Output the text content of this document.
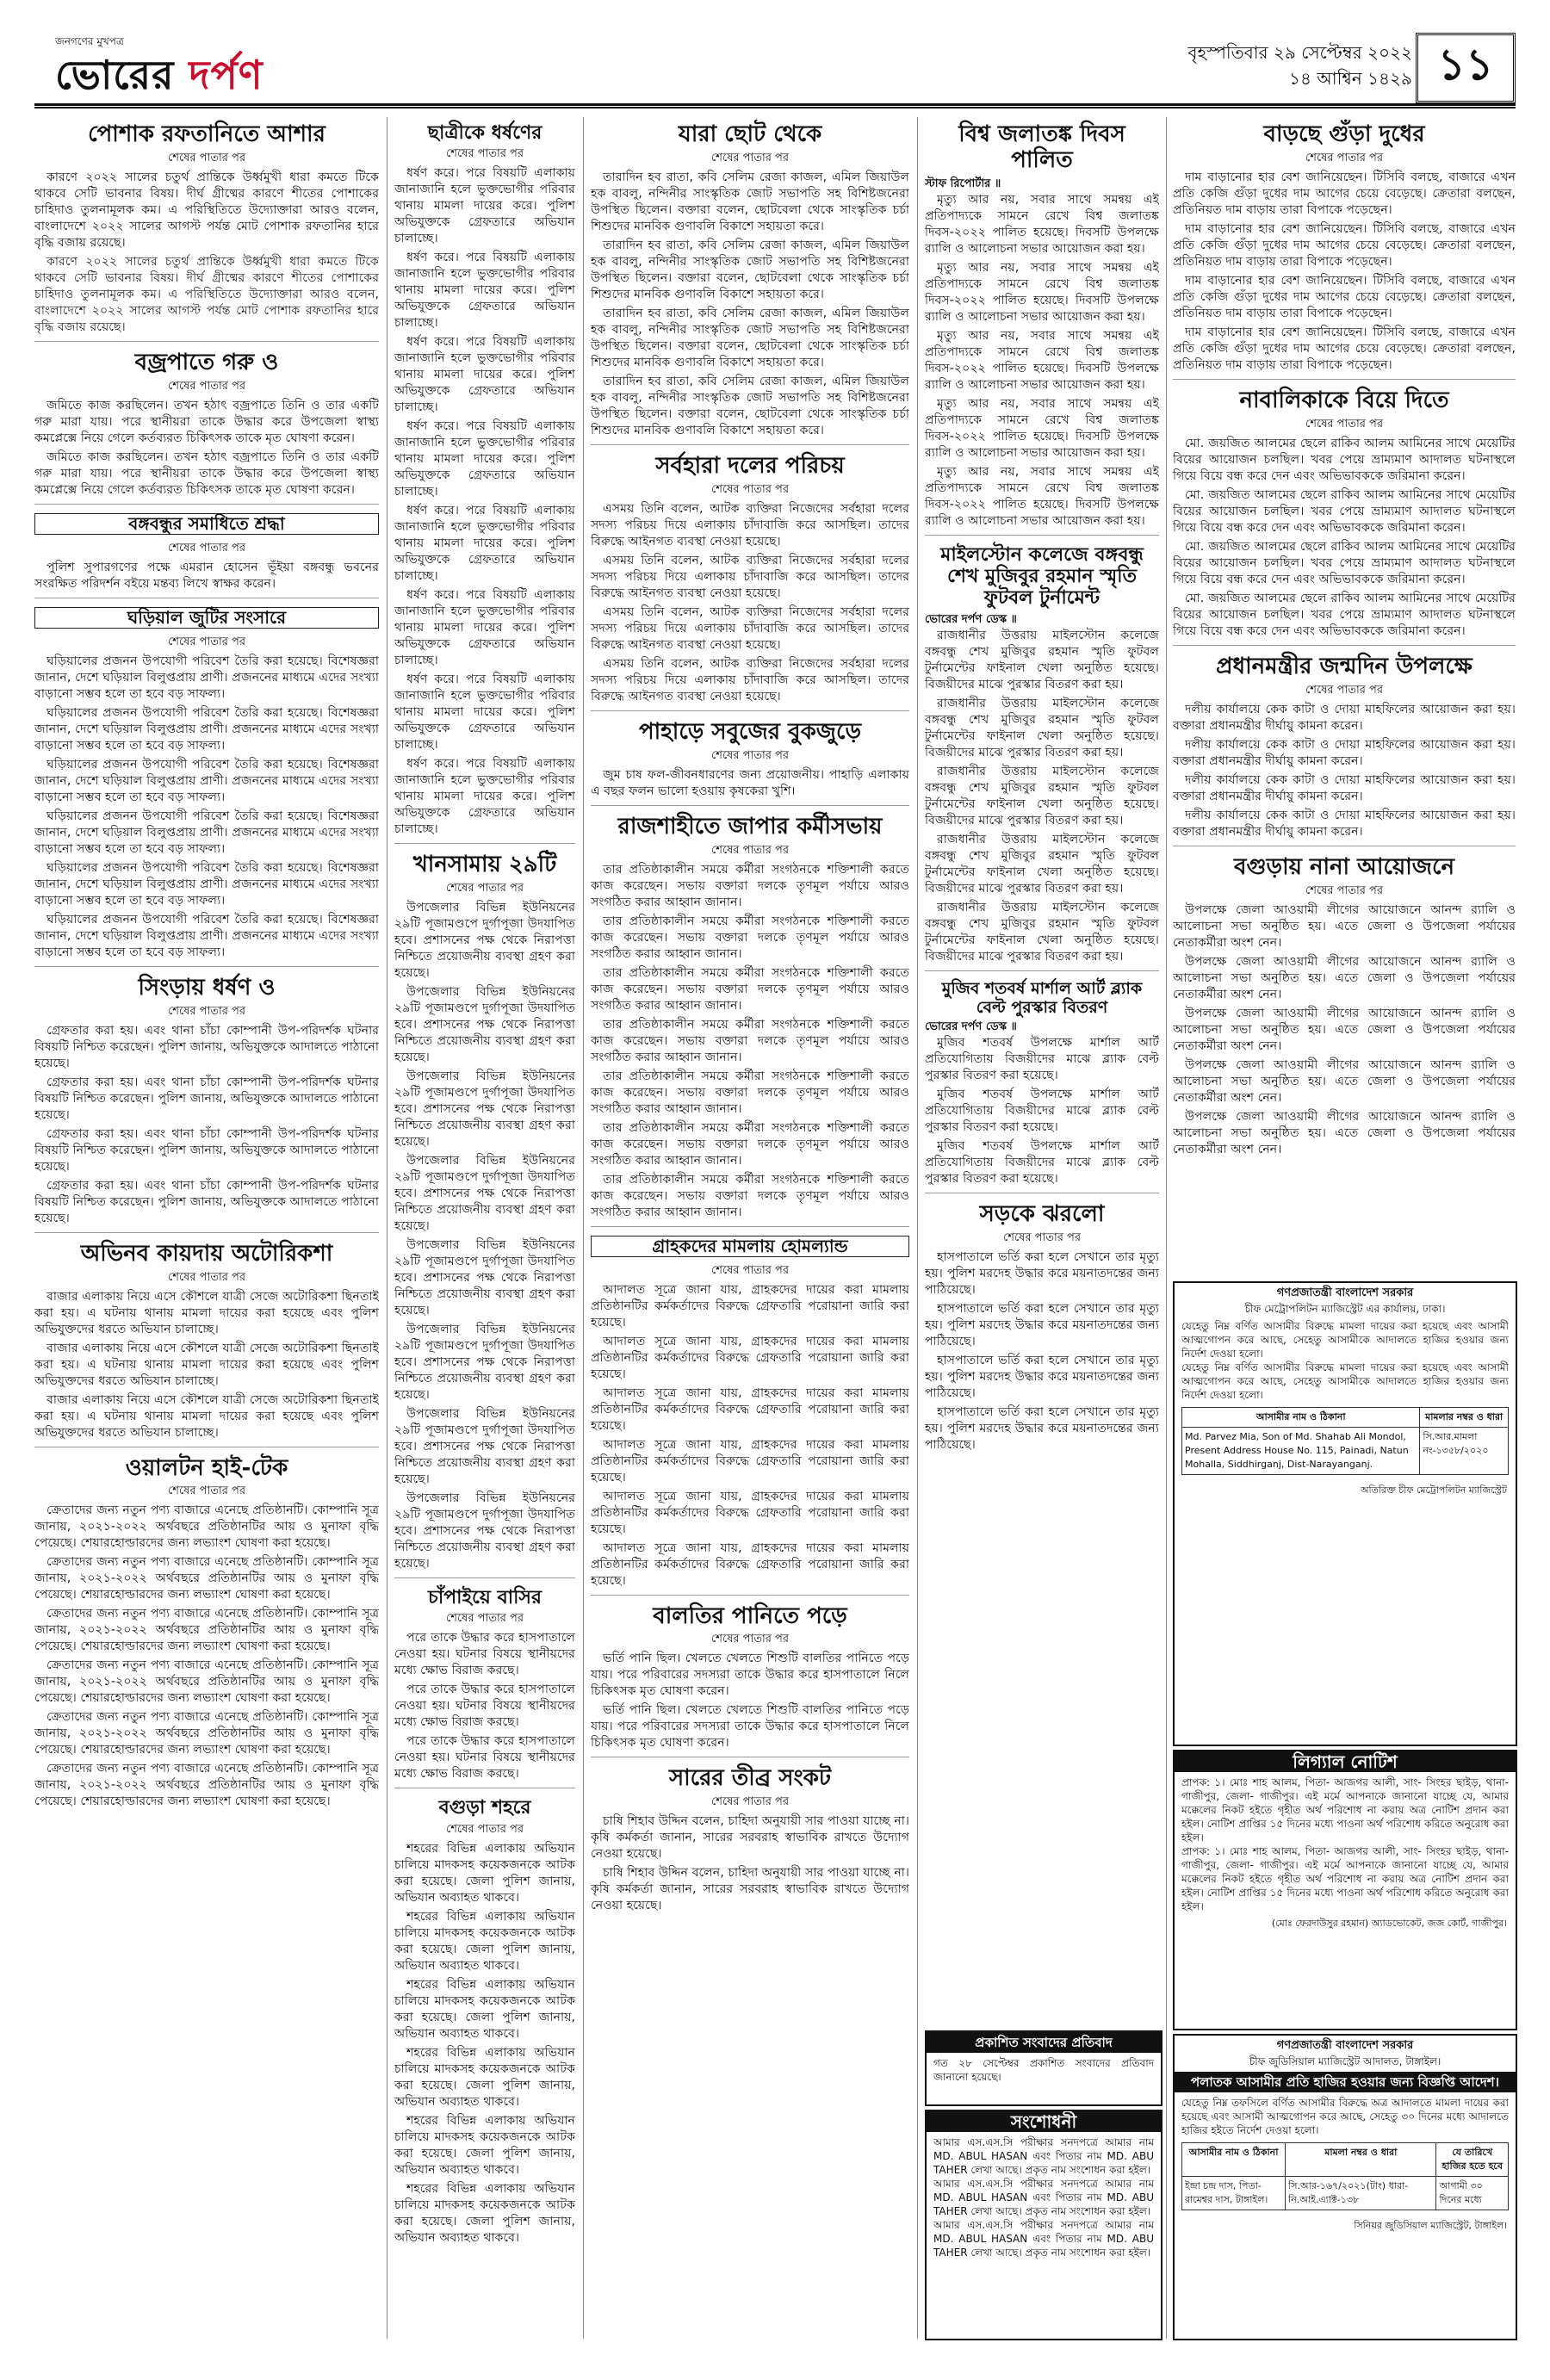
জনগণের মুখপত্র
ভোরের দর্পণ	বৃহস্পতিবার ২৯ সেপ্টেম্বর ২০২২
১৪ আশ্বিন ১৪২৯ ১১
পোশাক রফতানিতে আশার
শেষের পাতার পর

কারণে ২০২২ সালের চতুর্থ প্রান্তিকে উর্ধ্বমুখী ধারা কমতে টিকে থাকবে সেটি ভাবনার বিষয়। দীর্ঘ গ্রীষ্মের কারণে শীতের পোশাকের চাহিদাও তুলনামূলক কম। এ পরিস্থিতিতে উদ্যোক্তারা আরও বলেন, বাংলাদেশে ২০২২ সালের আগস্ট পর্যন্ত মোট পোশাক রফতানির হারে বৃদ্ধি বজায় রয়েছে।

কারণে ২০২২ সালের চতুর্থ প্রান্তিকে উর্ধ্বমুখী ধারা কমতে টিকে থাকবে সেটি ভাবনার বিষয়। দীর্ঘ গ্রীষ্মের কারণে শীতের পোশাকের চাহিদাও তুলনামূলক কম। এ পরিস্থিতিতে উদ্যোক্তারা আরও বলেন, বাংলাদেশে ২০২২ সালের আগস্ট পর্যন্ত মোট পোশাক রফতানির হারে বৃদ্ধি বজায় রয়েছে।

বজ্রপাতে গরু ও
শেষের পাতার পর

জমিতে কাজ করছিলেন। তখন হঠাৎ বজ্রপাতে তিনি ও তার একটি গরু মারা যায়। পরে স্থানীয়রা তাকে উদ্ধার করে উপজেলা স্বাস্থ্য কমপ্লেক্সে নিয়ে গেলে কর্তব্যরত চিকিৎসক তাকে মৃত ঘোষণা করেন।

জমিতে কাজ করছিলেন। তখন হঠাৎ বজ্রপাতে তিনি ও তার একটি গরু মারা যায়। পরে স্থানীয়রা তাকে উদ্ধার করে উপজেলা স্বাস্থ্য কমপ্লেক্সে নিয়ে গেলে কর্তব্যরত চিকিৎসক তাকে মৃত ঘোষণা করেন।

বঙ্গবন্ধুর সমাধিতে শ্রদ্ধা
শেষের পাতার পর

পুলিশ সুপারগণের পক্ষে এমরান হোসেন ভূঁইয়া বঙ্গবন্ধু ভবনের সংরক্ষিত পরিদর্শন বইয়ে মন্তব্য লিখে স্বাক্ষর করেন।

ঘড়িয়াল জুটির সংসারে
শেষের পাতার পর

ঘড়িয়ালের প্রজনন উপযোগী পরিবেশ তৈরি করা হয়েছে। বিশেষজ্ঞরা জানান, দেশে ঘড়িয়াল বিলুপ্তপ্রায় প্রাণী। প্রজননের মাধ্যমে এদের সংখ্যা বাড়ানো সম্ভব হলে তা হবে বড় সাফল্য।

ঘড়িয়ালের প্রজনন উপযোগী পরিবেশ তৈরি করা হয়েছে। বিশেষজ্ঞরা জানান, দেশে ঘড়িয়াল বিলুপ্তপ্রায় প্রাণী। প্রজননের মাধ্যমে এদের সংখ্যা বাড়ানো সম্ভব হলে তা হবে বড় সাফল্য।

ঘড়িয়ালের প্রজনন উপযোগী পরিবেশ তৈরি করা হয়েছে। বিশেষজ্ঞরা জানান, দেশে ঘড়িয়াল বিলুপ্তপ্রায় প্রাণী। প্রজননের মাধ্যমে এদের সংখ্যা বাড়ানো সম্ভব হলে তা হবে বড় সাফল্য।

ঘড়িয়ালের প্রজনন উপযোগী পরিবেশ তৈরি করা হয়েছে। বিশেষজ্ঞরা জানান, দেশে ঘড়িয়াল বিলুপ্তপ্রায় প্রাণী। প্রজননের মাধ্যমে এদের সংখ্যা বাড়ানো সম্ভব হলে তা হবে বড় সাফল্য।

ঘড়িয়ালের প্রজনন উপযোগী পরিবেশ তৈরি করা হয়েছে। বিশেষজ্ঞরা জানান, দেশে ঘড়িয়াল বিলুপ্তপ্রায় প্রাণী। প্রজননের মাধ্যমে এদের সংখ্যা বাড়ানো সম্ভব হলে তা হবে বড় সাফল্য।

ঘড়িয়ালের প্রজনন উপযোগী পরিবেশ তৈরি করা হয়েছে। বিশেষজ্ঞরা জানান, দেশে ঘড়িয়াল বিলুপ্তপ্রায় প্রাণী। প্রজননের মাধ্যমে এদের সংখ্যা বাড়ানো সম্ভব হলে তা হবে বড় সাফল্য।

সিংড়ায় ধর্ষণ ও
শেষের পাতার পর

গ্রেফতার করা হয়। এবং থানা চাঁচা কোম্পানী উপ-পরিদর্শক ঘটনার বিষয়টি নিশ্চিত করেছেন। পুলিশ জানায়, অভিযুক্তকে আদালতে পাঠানো হয়েছে।

গ্রেফতার করা হয়। এবং থানা চাঁচা কোম্পানী উপ-পরিদর্শক ঘটনার বিষয়টি নিশ্চিত করেছেন। পুলিশ জানায়, অভিযুক্তকে আদালতে পাঠানো হয়েছে।

গ্রেফতার করা হয়। এবং থানা চাঁচা কোম্পানী উপ-পরিদর্শক ঘটনার বিষয়টি নিশ্চিত করেছেন। পুলিশ জানায়, অভিযুক্তকে আদালতে পাঠানো হয়েছে।

গ্রেফতার করা হয়। এবং থানা চাঁচা কোম্পানী উপ-পরিদর্শক ঘটনার বিষয়টি নিশ্চিত করেছেন। পুলিশ জানায়, অভিযুক্তকে আদালতে পাঠানো হয়েছে।

অভিনব কায়দায় অটোরিকশা
শেষের পাতার পর

বাজার এলাকায় নিয়ে এসে কৌশলে যাত্রী সেজে অটোরিকশা ছিনতাই করা হয়। এ ঘটনায় থানায় মামলা দায়ের করা হয়েছে এবং পুলিশ অভিযুক্তদের ধরতে অভিযান চালাচ্ছে।

বাজার এলাকায় নিয়ে এসে কৌশলে যাত্রী সেজে অটোরিকশা ছিনতাই করা হয়। এ ঘটনায় থানায় মামলা দায়ের করা হয়েছে এবং পুলিশ অভিযুক্তদের ধরতে অভিযান চালাচ্ছে।

বাজার এলাকায় নিয়ে এসে কৌশলে যাত্রী সেজে অটোরিকশা ছিনতাই করা হয়। এ ঘটনায় থানায় মামলা দায়ের করা হয়েছে এবং পুলিশ অভিযুক্তদের ধরতে অভিযান চালাচ্ছে।

ওয়ালটন হাই-টেক
শেষের পাতার পর

ক্রেতাদের জন্য নতুন পণ্য বাজারে এনেছে প্রতিষ্ঠানটি। কোম্পানি সূত্র জানায়, ২০২১-২০২২ অর্থবছরে প্রতিষ্ঠানটির আয় ও মুনাফা বৃদ্ধি পেয়েছে। শেয়ারহোল্ডারদের জন্য লভ্যাংশ ঘোষণা করা হয়েছে।

ক্রেতাদের জন্য নতুন পণ্য বাজারে এনেছে প্রতিষ্ঠানটি। কোম্পানি সূত্র জানায়, ২০২১-২০২২ অর্থবছরে প্রতিষ্ঠানটির আয় ও মুনাফা বৃদ্ধি পেয়েছে। শেয়ারহোল্ডারদের জন্য লভ্যাংশ ঘোষণা করা হয়েছে।

ক্রেতাদের জন্য নতুন পণ্য বাজারে এনেছে প্রতিষ্ঠানটি। কোম্পানি সূত্র জানায়, ২০২১-২০২২ অর্থবছরে প্রতিষ্ঠানটির আয় ও মুনাফা বৃদ্ধি পেয়েছে। শেয়ারহোল্ডারদের জন্য লভ্যাংশ ঘোষণা করা হয়েছে।

ক্রেতাদের জন্য নতুন পণ্য বাজারে এনেছে প্রতিষ্ঠানটি। কোম্পানি সূত্র জানায়, ২০২১-২০২২ অর্থবছরে প্রতিষ্ঠানটির আয় ও মুনাফা বৃদ্ধি পেয়েছে। শেয়ারহোল্ডারদের জন্য লভ্যাংশ ঘোষণা করা হয়েছে।

ক্রেতাদের জন্য নতুন পণ্য বাজারে এনেছে প্রতিষ্ঠানটি। কোম্পানি সূত্র জানায়, ২০২১-২০২২ অর্থবছরে প্রতিষ্ঠানটির আয় ও মুনাফা বৃদ্ধি পেয়েছে। শেয়ারহোল্ডারদের জন্য লভ্যাংশ ঘোষণা করা হয়েছে।

ক্রেতাদের জন্য নতুন পণ্য বাজারে এনেছে প্রতিষ্ঠানটি। কোম্পানি সূত্র জানায়, ২০২১-২০২২ অর্থবছরে প্রতিষ্ঠানটির আয় ও মুনাফা বৃদ্ধি পেয়েছে। শেয়ারহোল্ডারদের জন্য লভ্যাংশ ঘোষণা করা হয়েছে।

ছাত্রীকে ধর্ষণের
শেষের পাতার পর

ধর্ষণ করে। পরে বিষয়টি এলাকায় জানাজানি হলে ভুক্তভোগীর পরিবার থানায় মামলা দায়ের করে। পুলিশ অভিযুক্তকে গ্রেফতারে অভিযান চালাচ্ছে।

ধর্ষণ করে। পরে বিষয়টি এলাকায় জানাজানি হলে ভুক্তভোগীর পরিবার থানায় মামলা দায়ের করে। পুলিশ অভিযুক্তকে গ্রেফতারে অভিযান চালাচ্ছে।

ধর্ষণ করে। পরে বিষয়টি এলাকায় জানাজানি হলে ভুক্তভোগীর পরিবার থানায় মামলা দায়ের করে। পুলিশ অভিযুক্তকে গ্রেফতারে অভিযান চালাচ্ছে।

ধর্ষণ করে। পরে বিষয়টি এলাকায় জানাজানি হলে ভুক্তভোগীর পরিবার থানায় মামলা দায়ের করে। পুলিশ অভিযুক্তকে গ্রেফতারে অভিযান চালাচ্ছে।

ধর্ষণ করে। পরে বিষয়টি এলাকায় জানাজানি হলে ভুক্তভোগীর পরিবার থানায় মামলা দায়ের করে। পুলিশ অভিযুক্তকে গ্রেফতারে অভিযান চালাচ্ছে।

ধর্ষণ করে। পরে বিষয়টি এলাকায় জানাজানি হলে ভুক্তভোগীর পরিবার থানায় মামলা দায়ের করে। পুলিশ অভিযুক্তকে গ্রেফতারে অভিযান চালাচ্ছে।

ধর্ষণ করে। পরে বিষয়টি এলাকায় জানাজানি হলে ভুক্তভোগীর পরিবার থানায় মামলা দায়ের করে। পুলিশ অভিযুক্তকে গ্রেফতারে অভিযান চালাচ্ছে।

ধর্ষণ করে। পরে বিষয়টি এলাকায় জানাজানি হলে ভুক্তভোগীর পরিবার থানায় মামলা দায়ের করে। পুলিশ অভিযুক্তকে গ্রেফতারে অভিযান চালাচ্ছে।

খানসামায় ২৯টি
শেষের পাতার পর

উপজেলার বিভিন্ন ইউনিয়নের ২৯টি পূজামণ্ডপে দুর্গাপূজা উদযাপিত হবে। প্রশাসনের পক্ষ থেকে নিরাপত্তা নিশ্চিতে প্রয়োজনীয় ব্যবস্থা গ্রহণ করা হয়েছে।

উপজেলার বিভিন্ন ইউনিয়নের ২৯টি পূজামণ্ডপে দুর্গাপূজা উদযাপিত হবে। প্রশাসনের পক্ষ থেকে নিরাপত্তা নিশ্চিতে প্রয়োজনীয় ব্যবস্থা গ্রহণ করা হয়েছে।

উপজেলার বিভিন্ন ইউনিয়নের ২৯টি পূজামণ্ডপে দুর্গাপূজা উদযাপিত হবে। প্রশাসনের পক্ষ থেকে নিরাপত্তা নিশ্চিতে প্রয়োজনীয় ব্যবস্থা গ্রহণ করা হয়েছে।

উপজেলার বিভিন্ন ইউনিয়নের ২৯টি পূজামণ্ডপে দুর্গাপূজা উদযাপিত হবে। প্রশাসনের পক্ষ থেকে নিরাপত্তা নিশ্চিতে প্রয়োজনীয় ব্যবস্থা গ্রহণ করা হয়েছে।

উপজেলার বিভিন্ন ইউনিয়নের ২৯টি পূজামণ্ডপে দুর্গাপূজা উদযাপিত হবে। প্রশাসনের পক্ষ থেকে নিরাপত্তা নিশ্চিতে প্রয়োজনীয় ব্যবস্থা গ্রহণ করা হয়েছে।

উপজেলার বিভিন্ন ইউনিয়নের ২৯টি পূজামণ্ডপে দুর্গাপূজা উদযাপিত হবে। প্রশাসনের পক্ষ থেকে নিরাপত্তা নিশ্চিতে প্রয়োজনীয় ব্যবস্থা গ্রহণ করা হয়েছে।

উপজেলার বিভিন্ন ইউনিয়নের ২৯টি পূজামণ্ডপে দুর্গাপূজা উদযাপিত হবে। প্রশাসনের পক্ষ থেকে নিরাপত্তা নিশ্চিতে প্রয়োজনীয় ব্যবস্থা গ্রহণ করা হয়েছে।

উপজেলার বিভিন্ন ইউনিয়নের ২৯টি পূজামণ্ডপে দুর্গাপূজা উদযাপিত হবে। প্রশাসনের পক্ষ থেকে নিরাপত্তা নিশ্চিতে প্রয়োজনীয় ব্যবস্থা গ্রহণ করা হয়েছে।

চাঁপাইয়ে বাসির
শেষের পাতার পর

পরে তাকে উদ্ধার করে হাসপাতালে নেওয়া হয়। ঘটনার বিষয়ে স্থানীয়দের মধ্যে ক্ষোভ বিরাজ করছে।

পরে তাকে উদ্ধার করে হাসপাতালে নেওয়া হয়। ঘটনার বিষয়ে স্থানীয়দের মধ্যে ক্ষোভ বিরাজ করছে।

পরে তাকে উদ্ধার করে হাসপাতালে নেওয়া হয়। ঘটনার বিষয়ে স্থানীয়দের মধ্যে ক্ষোভ বিরাজ করছে।

বগুড়া শহরে
শেষের পাতার পর

শহরের বিভিন্ন এলাকায় অভিযান চালিয়ে মাদকসহ কয়েকজনকে আটক করা হয়েছে। জেলা পুলিশ জানায়, অভিযান অব্যাহত থাকবে।

শহরের বিভিন্ন এলাকায় অভিযান চালিয়ে মাদকসহ কয়েকজনকে আটক করা হয়েছে। জেলা পুলিশ জানায়, অভিযান অব্যাহত থাকবে।

শহরের বিভিন্ন এলাকায় অভিযান চালিয়ে মাদকসহ কয়েকজনকে আটক করা হয়েছে। জেলা পুলিশ জানায়, অভিযান অব্যাহত থাকবে।

শহরের বিভিন্ন এলাকায় অভিযান চালিয়ে মাদকসহ কয়েকজনকে আটক করা হয়েছে। জেলা পুলিশ জানায়, অভিযান অব্যাহত থাকবে।

শহরের বিভিন্ন এলাকায় অভিযান চালিয়ে মাদকসহ কয়েকজনকে আটক করা হয়েছে। জেলা পুলিশ জানায়, অভিযান অব্যাহত থাকবে।

শহরের বিভিন্ন এলাকায় অভিযান চালিয়ে মাদকসহ কয়েকজনকে আটক করা হয়েছে। জেলা পুলিশ জানায়, অভিযান অব্যাহত থাকবে।

যারা ছোট থেকে
শেষের পাতার পর

তারাদিন হব রাতা, কবি সেলিম রেজা কাজল, এমিল জিয়াউল হক বাবলু, নন্দিনীর সাংস্কৃতিক জোট সভাপতি সহ বিশিষ্টজনেরা উপস্থিত ছিলেন। বক্তারা বলেন, ছোটবেলা থেকে সাংস্কৃতিক চর্চা শিশুদের মানবিক গুণাবলি বিকাশে সহায়তা করে।

তারাদিন হব রাতা, কবি সেলিম রেজা কাজল, এমিল জিয়াউল হক বাবলু, নন্দিনীর সাংস্কৃতিক জোট সভাপতি সহ বিশিষ্টজনেরা উপস্থিত ছিলেন। বক্তারা বলেন, ছোটবেলা থেকে সাংস্কৃতিক চর্চা শিশুদের মানবিক গুণাবলি বিকাশে সহায়তা করে।

তারাদিন হব রাতা, কবি সেলিম রেজা কাজল, এমিল জিয়াউল হক বাবলু, নন্দিনীর সাংস্কৃতিক জোট সভাপতি সহ বিশিষ্টজনেরা উপস্থিত ছিলেন। বক্তারা বলেন, ছোটবেলা থেকে সাংস্কৃতিক চর্চা শিশুদের মানবিক গুণাবলি বিকাশে সহায়তা করে।

তারাদিন হব রাতা, কবি সেলিম রেজা কাজল, এমিল জিয়াউল হক বাবলু, নন্দিনীর সাংস্কৃতিক জোট সভাপতি সহ বিশিষ্টজনেরা উপস্থিত ছিলেন। বক্তারা বলেন, ছোটবেলা থেকে সাংস্কৃতিক চর্চা শিশুদের মানবিক গুণাবলি বিকাশে সহায়তা করে।

সর্বহারা দলের পরিচয়
শেষের পাতার পর

এসময় তিনি বলেন, আটক ব্যক্তিরা নিজেদের সর্বহারা দলের সদস্য পরিচয় দিয়ে এলাকায় চাঁদাবাজি করে আসছিল। তাদের বিরুদ্ধে আইনগত ব্যবস্থা নেওয়া হয়েছে।

এসময় তিনি বলেন, আটক ব্যক্তিরা নিজেদের সর্বহারা দলের সদস্য পরিচয় দিয়ে এলাকায় চাঁদাবাজি করে আসছিল। তাদের বিরুদ্ধে আইনগত ব্যবস্থা নেওয়া হয়েছে।

এসময় তিনি বলেন, আটক ব্যক্তিরা নিজেদের সর্বহারা দলের সদস্য পরিচয় দিয়ে এলাকায় চাঁদাবাজি করে আসছিল। তাদের বিরুদ্ধে আইনগত ব্যবস্থা নেওয়া হয়েছে।

এসময় তিনি বলেন, আটক ব্যক্তিরা নিজেদের সর্বহারা দলের সদস্য পরিচয় দিয়ে এলাকায় চাঁদাবাজি করে আসছিল। তাদের বিরুদ্ধে আইনগত ব্যবস্থা নেওয়া হয়েছে।

পাহাড়ে সবুজের বুকজুড়ে
শেষের পাতার পর

জুম চাষ ফল-জীবনধারণের জন্য প্রয়োজনীয়। পাহাড়ি এলাকায় এ বছর ফলন ভালো হওয়ায় কৃষকেরা খুশি।

রাজশাহীতে জাপার কর্মীসভায়
শেষের পাতার পর

তার প্রতিষ্ঠাকালীন সময়ে কর্মীরা সংগঠনকে শক্তিশালী করতে কাজ করেছেন। সভায় বক্তারা দলকে তৃণমূল পর্যায়ে আরও সংগঠিত করার আহ্বান জানান।

তার প্রতিষ্ঠাকালীন সময়ে কর্মীরা সংগঠনকে শক্তিশালী করতে কাজ করেছেন। সভায় বক্তারা দলকে তৃণমূল পর্যায়ে আরও সংগঠিত করার আহ্বান জানান।

তার প্রতিষ্ঠাকালীন সময়ে কর্মীরা সংগঠনকে শক্তিশালী করতে কাজ করেছেন। সভায় বক্তারা দলকে তৃণমূল পর্যায়ে আরও সংগঠিত করার আহ্বান জানান।

তার প্রতিষ্ঠাকালীন সময়ে কর্মীরা সংগঠনকে শক্তিশালী করতে কাজ করেছেন। সভায় বক্তারা দলকে তৃণমূল পর্যায়ে আরও সংগঠিত করার আহ্বান জানান।

তার প্রতিষ্ঠাকালীন সময়ে কর্মীরা সংগঠনকে শক্তিশালী করতে কাজ করেছেন। সভায় বক্তারা দলকে তৃণমূল পর্যায়ে আরও সংগঠিত করার আহ্বান জানান।

তার প্রতিষ্ঠাকালীন সময়ে কর্মীরা সংগঠনকে শক্তিশালী করতে কাজ করেছেন। সভায় বক্তারা দলকে তৃণমূল পর্যায়ে আরও সংগঠিত করার আহ্বান জানান।

তার প্রতিষ্ঠাকালীন সময়ে কর্মীরা সংগঠনকে শক্তিশালী করতে কাজ করেছেন। সভায় বক্তারা দলকে তৃণমূল পর্যায়ে আরও সংগঠিত করার আহ্বান জানান।

গ্রাহকদের মামলায় হোমল্যান্ড
শেষের পাতার পর

আদালত সূত্রে জানা যায়, গ্রাহকদের দায়ের করা মামলায় প্রতিষ্ঠানটির কর্মকর্তাদের বিরুদ্ধে গ্রেফতারি পরোয়ানা জারি করা হয়েছে।

আদালত সূত্রে জানা যায়, গ্রাহকদের দায়ের করা মামলায় প্রতিষ্ঠানটির কর্মকর্তাদের বিরুদ্ধে গ্রেফতারি পরোয়ানা জারি করা হয়েছে।

আদালত সূত্রে জানা যায়, গ্রাহকদের দায়ের করা মামলায় প্রতিষ্ঠানটির কর্মকর্তাদের বিরুদ্ধে গ্রেফতারি পরোয়ানা জারি করা হয়েছে।

আদালত সূত্রে জানা যায়, গ্রাহকদের দায়ের করা মামলায় প্রতিষ্ঠানটির কর্মকর্তাদের বিরুদ্ধে গ্রেফতারি পরোয়ানা জারি করা হয়েছে।

আদালত সূত্রে জানা যায়, গ্রাহকদের দায়ের করা মামলায় প্রতিষ্ঠানটির কর্মকর্তাদের বিরুদ্ধে গ্রেফতারি পরোয়ানা জারি করা হয়েছে।

আদালত সূত্রে জানা যায়, গ্রাহকদের দায়ের করা মামলায় প্রতিষ্ঠানটির কর্মকর্তাদের বিরুদ্ধে গ্রেফতারি পরোয়ানা জারি করা হয়েছে।

বালতির পানিতে পড়ে
শেষের পাতার পর

ভর্তি পানি ছিল। খেলতে খেলতে শিশুটি বালতির পানিতে পড়ে যায়। পরে পরিবারের সদস্যরা তাকে উদ্ধার করে হাসপাতালে নিলে চিকিৎসক মৃত ঘোষণা করেন।

ভর্তি পানি ছিল। খেলতে খেলতে শিশুটি বালতির পানিতে পড়ে যায়। পরে পরিবারের সদস্যরা তাকে উদ্ধার করে হাসপাতালে নিলে চিকিৎসক মৃত ঘোষণা করেন।

সারের তীব্র সংকট
শেষের পাতার পর

চাষি শিহাব উদ্দিন বলেন, চাহিদা অনুযায়ী সার পাওয়া যাচ্ছে না। কৃষি কর্মকর্তা জানান, সারের সরবরাহ স্বাভাবিক রাখতে উদ্যোগ নেওয়া হয়েছে।

চাষি শিহাব উদ্দিন বলেন, চাহিদা অনুযায়ী সার পাওয়া যাচ্ছে না। কৃষি কর্মকর্তা জানান, সারের সরবরাহ স্বাভাবিক রাখতে উদ্যোগ নেওয়া হয়েছে।

বিশ্ব জলাতঙ্ক দিবস পালিত
স্টাফ রিপোর্টার ॥

মৃত্যু আর নয়, সবার সাথে সমন্বয় এই প্রতিপাদ্যকে সামনে রেখে বিশ্ব জলাতঙ্ক দিবস-২০২২ পালিত হয়েছে। দিবসটি উপলক্ষে র‌্যালি ও আলোচনা সভার আয়োজন করা হয়।

মৃত্যু আর নয়, সবার সাথে সমন্বয় এই প্রতিপাদ্যকে সামনে রেখে বিশ্ব জলাতঙ্ক দিবস-২০২২ পালিত হয়েছে। দিবসটি উপলক্ষে র‌্যালি ও আলোচনা সভার আয়োজন করা হয়।

মৃত্যু আর নয়, সবার সাথে সমন্বয় এই প্রতিপাদ্যকে সামনে রেখে বিশ্ব জলাতঙ্ক দিবস-২০২২ পালিত হয়েছে। দিবসটি উপলক্ষে র‌্যালি ও আলোচনা সভার আয়োজন করা হয়।

মৃত্যু আর নয়, সবার সাথে সমন্বয় এই প্রতিপাদ্যকে সামনে রেখে বিশ্ব জলাতঙ্ক দিবস-২০২২ পালিত হয়েছে। দিবসটি উপলক্ষে র‌্যালি ও আলোচনা সভার আয়োজন করা হয়।

মৃত্যু আর নয়, সবার সাথে সমন্বয় এই প্রতিপাদ্যকে সামনে রেখে বিশ্ব জলাতঙ্ক দিবস-২০২২ পালিত হয়েছে। দিবসটি উপলক্ষে র‌্যালি ও আলোচনা সভার আয়োজন করা হয়।

মাইলস্টোন কলেজে বঙ্গবন্ধু শেখ মুজিবুর রহমান স্মৃতি ফুটবল টুর্নামেন্ট
ভোরের দর্পণ ডেস্ক ॥

রাজধানীর উত্তরায় মাইলস্টোন কলেজে বঙ্গবন্ধু শেখ মুজিবুর রহমান স্মৃতি ফুটবল টুর্নামেন্টের ফাইনাল খেলা অনুষ্ঠিত হয়েছে। বিজয়ীদের মাঝে পুরস্কার বিতরণ করা হয়।

রাজধানীর উত্তরায় মাইলস্টোন কলেজে বঙ্গবন্ধু শেখ মুজিবুর রহমান স্মৃতি ফুটবল টুর্নামেন্টের ফাইনাল খেলা অনুষ্ঠিত হয়েছে। বিজয়ীদের মাঝে পুরস্কার বিতরণ করা হয়।

রাজধানীর উত্তরায় মাইলস্টোন কলেজে বঙ্গবন্ধু শেখ মুজিবুর রহমান স্মৃতি ফুটবল টুর্নামেন্টের ফাইনাল খেলা অনুষ্ঠিত হয়েছে। বিজয়ীদের মাঝে পুরস্কার বিতরণ করা হয়।

রাজধানীর উত্তরায় মাইলস্টোন কলেজে বঙ্গবন্ধু শেখ মুজিবুর রহমান স্মৃতি ফুটবল টুর্নামেন্টের ফাইনাল খেলা অনুষ্ঠিত হয়েছে। বিজয়ীদের মাঝে পুরস্কার বিতরণ করা হয়।

রাজধানীর উত্তরায় মাইলস্টোন কলেজে বঙ্গবন্ধু শেখ মুজিবুর রহমান স্মৃতি ফুটবল টুর্নামেন্টের ফাইনাল খেলা অনুষ্ঠিত হয়েছে। বিজয়ীদের মাঝে পুরস্কার বিতরণ করা হয়।

মুজিব শতবর্ষ মার্শাল আর্ট ব্ল্যাক বেল্ট পুরস্কার বিতরণ
ভোরের দর্পণ ডেস্ক ॥

মুজিব শতবর্ষ উপলক্ষে মার্শাল আর্ট প্রতিযোগিতায় বিজয়ীদের মাঝে ব্ল্যাক বেল্ট পুরস্কার বিতরণ করা হয়েছে।

মুজিব শতবর্ষ উপলক্ষে মার্শাল আর্ট প্রতিযোগিতায় বিজয়ীদের মাঝে ব্ল্যাক বেল্ট পুরস্কার বিতরণ করা হয়েছে।

মুজিব শতবর্ষ উপলক্ষে মার্শাল আর্ট প্রতিযোগিতায় বিজয়ীদের মাঝে ব্ল্যাক বেল্ট পুরস্কার বিতরণ করা হয়েছে।

সড়কে ঝরলো
শেষের পাতার পর

হাসপাতালে ভর্তি করা হলে সেখানে তার মৃত্যু হয়। পুলিশ মরদেহ উদ্ধার করে ময়নাতদন্তের জন্য পাঠিয়েছে।

হাসপাতালে ভর্তি করা হলে সেখানে তার মৃত্যু হয়। পুলিশ মরদেহ উদ্ধার করে ময়নাতদন্তের জন্য পাঠিয়েছে।

হাসপাতালে ভর্তি করা হলে সেখানে তার মৃত্যু হয়। পুলিশ মরদেহ উদ্ধার করে ময়নাতদন্তের জন্য পাঠিয়েছে।

হাসপাতালে ভর্তি করা হলে সেখানে তার মৃত্যু হয়। পুলিশ মরদেহ উদ্ধার করে ময়নাতদন্তের জন্য পাঠিয়েছে।

বাড়ছে গুঁড়া দুধের
শেষের পাতার পর

দাম বাড়ানোর হার বেশ জানিয়েছেন। টিসিবি বলছে, বাজারে এখন প্রতি কেজি গুঁড়া দুধের দাম আগের চেয়ে বেড়েছে। ক্রেতারা বলছেন, প্রতিনিয়ত দাম বাড়ায় তারা বিপাকে পড়েছেন।

দাম বাড়ানোর হার বেশ জানিয়েছেন। টিসিবি বলছে, বাজারে এখন প্রতি কেজি গুঁড়া দুধের দাম আগের চেয়ে বেড়েছে। ক্রেতারা বলছেন, প্রতিনিয়ত দাম বাড়ায় তারা বিপাকে পড়েছেন।

দাম বাড়ানোর হার বেশ জানিয়েছেন। টিসিবি বলছে, বাজারে এখন প্রতি কেজি গুঁড়া দুধের দাম আগের চেয়ে বেড়েছে। ক্রেতারা বলছেন, প্রতিনিয়ত দাম বাড়ায় তারা বিপাকে পড়েছেন।

দাম বাড়ানোর হার বেশ জানিয়েছেন। টিসিবি বলছে, বাজারে এখন প্রতি কেজি গুঁড়া দুধের দাম আগের চেয়ে বেড়েছে। ক্রেতারা বলছেন, প্রতিনিয়ত দাম বাড়ায় তারা বিপাকে পড়েছেন।

নাবালিকাকে বিয়ে দিতে
শেষের পাতার পর

মো. জয়জিত আলমের ছেলে রাকিব আলম আমিনের সাথে মেয়েটির বিয়ের আয়োজন চলছিল। খবর পেয়ে ভ্রাম্যমাণ আদালত ঘটনাস্থলে গিয়ে বিয়ে বন্ধ করে দেন এবং অভিভাবককে জরিমানা করেন।

মো. জয়জিত আলমের ছেলে রাকিব আলম আমিনের সাথে মেয়েটির বিয়ের আয়োজন চলছিল। খবর পেয়ে ভ্রাম্যমাণ আদালত ঘটনাস্থলে গিয়ে বিয়ে বন্ধ করে দেন এবং অভিভাবককে জরিমানা করেন।

মো. জয়জিত আলমের ছেলে রাকিব আলম আমিনের সাথে মেয়েটির বিয়ের আয়োজন চলছিল। খবর পেয়ে ভ্রাম্যমাণ আদালত ঘটনাস্থলে গিয়ে বিয়ে বন্ধ করে দেন এবং অভিভাবককে জরিমানা করেন।

মো. জয়জিত আলমের ছেলে রাকিব আলম আমিনের সাথে মেয়েটির বিয়ের আয়োজন চলছিল। খবর পেয়ে ভ্রাম্যমাণ আদালত ঘটনাস্থলে গিয়ে বিয়ে বন্ধ করে দেন এবং অভিভাবককে জরিমানা করেন।

প্রধানমন্ত্রীর জন্মদিন উপলক্ষে
শেষের পাতার পর

দলীয় কার্যালয়ে কেক কাটা ও দোয়া মাহফিলের আয়োজন করা হয়। বক্তারা প্রধানমন্ত্রীর দীর্ঘায়ু কামনা করেন।

দলীয় কার্যালয়ে কেক কাটা ও দোয়া মাহফিলের আয়োজন করা হয়। বক্তারা প্রধানমন্ত্রীর দীর্ঘায়ু কামনা করেন।

দলীয় কার্যালয়ে কেক কাটা ও দোয়া মাহফিলের আয়োজন করা হয়। বক্তারা প্রধানমন্ত্রীর দীর্ঘায়ু কামনা করেন।

দলীয় কার্যালয়ে কেক কাটা ও দোয়া মাহফিলের আয়োজন করা হয়। বক্তারা প্রধানমন্ত্রীর দীর্ঘায়ু কামনা করেন।

বগুড়ায় নানা আয়োজনে
শেষের পাতার পর

উপলক্ষে জেলা আওয়ামী লীগের আয়োজনে আনন্দ র‌্যালি ও আলোচনা সভা অনুষ্ঠিত হয়। এতে জেলা ও উপজেলা পর্যায়ের নেতাকর্মীরা অংশ নেন।

উপলক্ষে জেলা আওয়ামী লীগের আয়োজনে আনন্দ র‌্যালি ও আলোচনা সভা অনুষ্ঠিত হয়। এতে জেলা ও উপজেলা পর্যায়ের নেতাকর্মীরা অংশ নেন।

উপলক্ষে জেলা আওয়ামী লীগের আয়োজনে আনন্দ র‌্যালি ও আলোচনা সভা অনুষ্ঠিত হয়। এতে জেলা ও উপজেলা পর্যায়ের নেতাকর্মীরা অংশ নেন।

উপলক্ষে জেলা আওয়ামী লীগের আয়োজনে আনন্দ র‌্যালি ও আলোচনা সভা অনুষ্ঠিত হয়। এতে জেলা ও উপজেলা পর্যায়ের নেতাকর্মীরা অংশ নেন।

উপলক্ষে জেলা আওয়ামী লীগের আয়োজনে আনন্দ র‌্যালি ও আলোচনা সভা অনুষ্ঠিত হয়। এতে জেলা ও উপজেলা পর্যায়ের নেতাকর্মীরা অংশ নেন।

গণপ্রজাতন্ত্রী বাংলাদেশ সরকার
চীফ মেট্রোপলিটন ম্যাজিস্ট্রেট এর কার্যালয়, ঢাকা।
যেহেতু নিম্ন বর্ণিত আসামীর বিরুদ্ধে মামলা দায়ের করা হয়েছে এবং আসামী আত্মগোপন করে আছে, সেহেতু আসামীকে আদালতে হাজির হওয়ার জন্য নির্দেশ দেওয়া হলো।
যেহেতু নিম্ন বর্ণিত আসামীর বিরুদ্ধে মামলা দায়ের করা হয়েছে এবং আসামী আত্মগোপন করে আছে, সেহেতু আসামীকে আদালতে হাজির হওয়ার জন্য নির্দেশ দেওয়া হলো।
আসামীর নাম ও ঠিকানা	মামলার নম্বর ও ধারা
Md. Parvez Mia, Son of Md. Shahab Ali Mondol, Present Address House No. 115, Painadi, Natun Mohalla, Siddhirganj, Dist-Narayanganj.	সি.আর.মামলা নং-১৩৫৮/২০২০
অতিরিক্ত চীফ মেট্রোপলিটন ম্যাজিস্ট্রেট
লিগ্যাল নোটিশ
প্রাপক: ১। মোঃ শাহ আলম, পিতা- আজগর আলী, সাং- সিংহর ছাইড়, থানা- গাজীপুর, জেলা- গাজীপুর। এই মর্মে আপনাকে জানানো যাচ্ছে যে, আমার মক্কেলের নিকট হইতে গৃহীত অর্থ পরিশোধ না করায় অত্র নোটিশ প্রদান করা হইল। নোটিশ প্রাপ্তির ১৫ দিনের মধ্যে পাওনা অর্থ পরিশোধ করিতে অনুরোধ করা হইল।
প্রাপক: ১। মোঃ শাহ আলম, পিতা- আজগর আলী, সাং- সিংহর ছাইড়, থানা- গাজীপুর, জেলা- গাজীপুর। এই মর্মে আপনাকে জানানো যাচ্ছে যে, আমার মক্কেলের নিকট হইতে গৃহীত অর্থ পরিশোধ না করায় অত্র নোটিশ প্রদান করা হইল। নোটিশ প্রাপ্তির ১৫ দিনের মধ্যে পাওনা অর্থ পরিশোধ করিতে অনুরোধ করা হইল।
(মোঃ ফেরদাউসুর রহমান) অ্যাডভোকেট, জজ কোর্ট, গাজীপুর।
গণপ্রজাতন্ত্রী বাংলাদেশ সরকার
চীফ জুডিসিয়াল ম্যাজিস্ট্রেট আদালত, টাঙ্গাইল।
পলাতক আসামীর প্রতি হাজির হওয়ার জন্য বিজ্ঞপ্তি আদেশ।
যেহেতু নিম্ন তফসিলে বর্ণিত আসামীর বিরুদ্ধে অত্র আদালতে মামলা দায়ের করা হয়েছে এবং আসামী আত্মগোপন করে আছে, সেহেতু ৩০ দিনের মধ্যে আদালতে হাজির হইতে নির্দেশ দেওয়া হলো।
আসামীর নাম ও ঠিকানা	মামলা নম্বর ও ধারা	যে তারিখে হাজির হতে হবে
ইন্দ্রা চন্দ্র দাস, পিতা- রামেশ্বর দাস, টাঙ্গাইল।	সি.আর-১৬৭/২০২১(টাং) ধারা- নি.আই.এ্যাক্ট-১৩৮	আগামী ৩০ দিনের মধ্যে
সিনিয়র জুডিসিয়াল ম্যাজিস্ট্রেট, টাঙ্গাইল।
প্রকাশিত সংবাদের প্রতিবাদ
গত ২৮ সেপ্টেম্বর প্রকাশিত সংবাদের প্রতিবাদ জানানো হয়েছে।
সংশোধনী
আমার এস.এস.সি পরীক্ষার সনদপত্রে আমার নাম MD. ABUL HASAN এবং পিতার নাম MD. ABU TAHER লেখা আছে। প্রকৃত নাম সংশোধন করা হইল।
আমার এস.এস.সি পরীক্ষার সনদপত্রে আমার নাম MD. ABUL HASAN এবং পিতার নাম MD. ABU TAHER লেখা আছে। প্রকৃত নাম সংশোধন করা হইল।
আমার এস.এস.সি পরীক্ষার সনদপত্রে আমার নাম MD. ABUL HASAN এবং পিতার নাম MD. ABU TAHER লেখা আছে। প্রকৃত নাম সংশোধন করা হইল।
